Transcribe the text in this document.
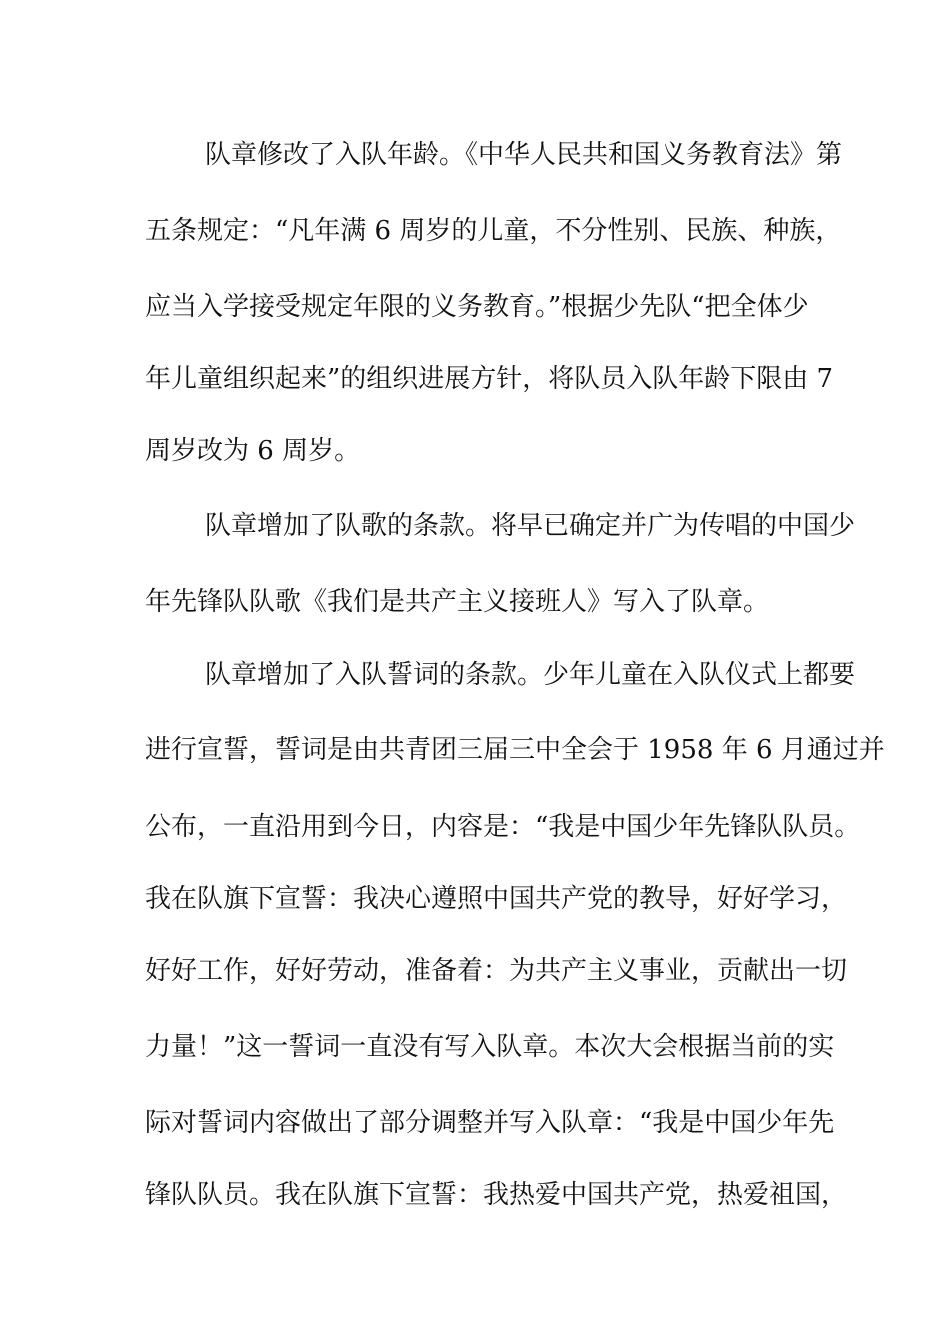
队章修改了入队年龄。《中华人民共和国义务教育法》第
五条规定：“凡年满 6 周岁的儿童，不分性别、民族、种族，
应当入学接受规定年限的义务教育。”根据少先队“把全体少
年儿童组织起来”的组织进展方针，将队员入队年龄下限由 7
周岁改为 6 周岁。
队章增加了队歌的条款。将早已确定并广为传唱的中国少
年先锋队队歌《我们是共产主义接班人》写入了队章。
队章增加了入队誓词的条款。少年儿童在入队仪式上都要
进行宣誓，誓词是由共青团三届三中全会于 1958 年 6 月通过并
公布，一直沿用到今日，内容是：“我是中国少年先锋队队员。
我在队旗下宣誓：我决心遵照中国共产党的教导，好好学习，
好好工作，好好劳动，准备着：为共产主义事业，贡献出一切
力量！”这一誓词一直没有写入队章。本次大会根据当前的实
际对誓词内容做出了部分调整并写入队章：“我是中国少年先
锋队队员。我在队旗下宣誓：我热爱中国共产党，热爱祖国，
